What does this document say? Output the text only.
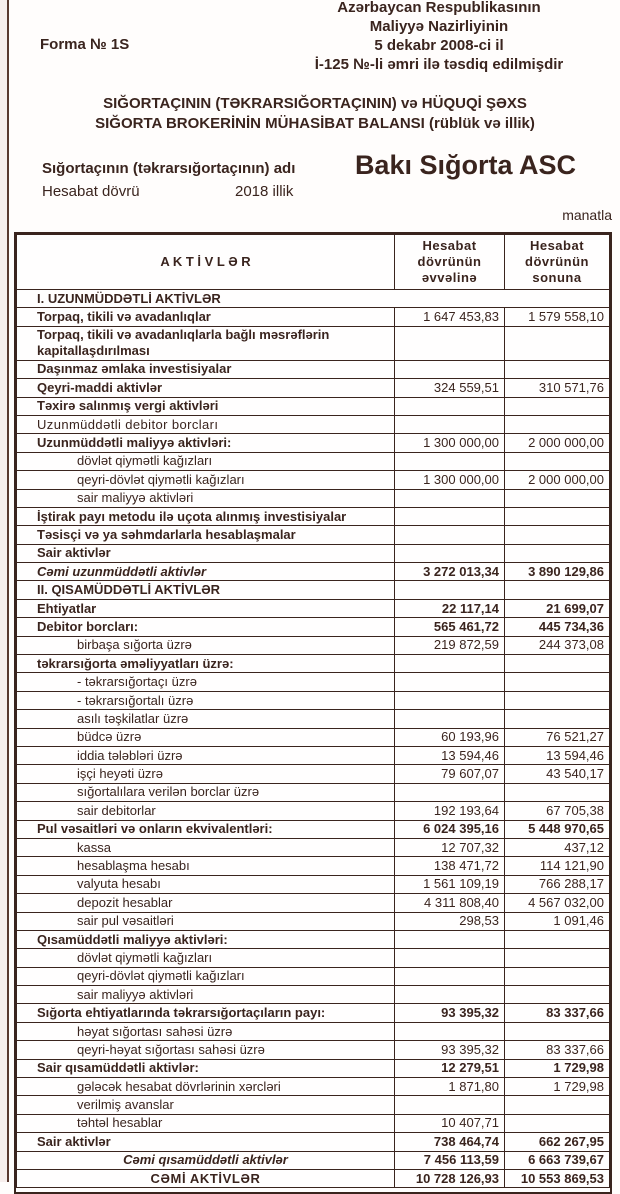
Forma № 1S
Azərbaycan Respublikasının
Maliyyə Nazirliyinin
5 dekabr 2008-ci il
İ-125 №-li əmri ilə təsdiq edilmişdir
SIĞORTAÇININ (TƏKRARSIĞORTAÇININ) və HÜQUQİ ŞƏXS
SIĞORTA BROKERİNİN MÜHASİBAT BALANSI (rüblük və illik)
Sığortaçının (təkrarsığortaçının) adı Bakı Sığorta ASC
Hesabat dövrü	2018 illik
manatla
A K T İ V L Ə R	Hesabat dövrünün əvvəlinə	Hesabat dövrünün sonuna
I. UZUNMÜDDƏTLİ AKTİVLƏR		
Torpaq, tikili və avadanlıqlar	1 647 453,83	1 579 558,10
Torpaq, tikili və avadanlıqlarla bağlı məsrəflərin kapitallaşdırılması		
Daşınmaz əmlaka investisiyalar		
Qeyri-maddi aktivlər	324 559,51	310 571,76
Təxirə salınmış vergi aktivləri		
Uzunmüddətli debitor borcları		
Uzunmüddətli maliyyə aktivləri:	1 300 000,00	2 000 000,00
dövlət qiymətli kağızları		
qeyri-dövlət qiymətli kağızları	1 300 000,00	2 000 000,00
sair maliyyə aktivləri		
İştirak payı metodu ilə uçota alınmış investisiyalar		
Təsisçi və ya səhmdarlarla hesablaşmalar		
Sair aktivlər		
Cəmi uzunmüddətli aktivlər	3 272 013,34	3 890 129,86
II. QISAMÜDDƏTLİ AKTİVLƏR		
Ehtiyatlar	22 117,14	21 699,07
Debitor borcları:	565 461,72	445 734,36
birbaşa sığorta üzrə	219 872,59	244 373,08
təkrarsığorta əməliyyatları üzrə:		
- təkrarsığortaçı üzrə		
- təkrarsığortalı üzrə		
asılı təşkilatlar üzrə		
büdcə üzrə	60 193,96	76 521,27
iddia tələbləri üzrə	13 594,46	13 594,46
işçi heyəti üzrə	79 607,07	43 540,17
sığortalılara verilən borclar üzrə		
sair debitorlar	192 193,64	67 705,38
Pul vəsaitləri və onların ekvivalentləri:	6 024 395,16	5 448 970,65
kassa	12 707,32	437,12
hesablaşma hesabı	138 471,72	114 121,90
valyuta hesabı	1 561 109,19	766 288,17
depozit hesablar	4 311 808,40	4 567 032,00
sair pul vəsaitləri	298,53	1 091,46
Qısamüddətli maliyyə aktivləri:		
dövlət qiymətli kağızları		
qeyri-dövlət qiymətli kağızları		
sair maliyyə aktivləri		
Sığorta ehtiyatlarında təkrarsığortaçıların payı:	93 395,32	83 337,66
həyat sığortası sahəsi üzrə		
qeyri-həyat sığortası sahəsi üzrə	93 395,32	83 337,66
Sair qısamüddətli aktivlər:	12 279,51	1 729,98
gələcək hesabat dövrlərinin xərcləri	1 871,80	1 729,98
verilmiş avanslar		
təhtəl hesablar	10 407,71	
Sair aktivlər	738 464,74	662 267,95
Cəmi qısamüddətli aktivlər	7 456 113,59	6 663 739,67
CƏMİ AKTİVLƏR	10 728 126,93	10 553 869,53
